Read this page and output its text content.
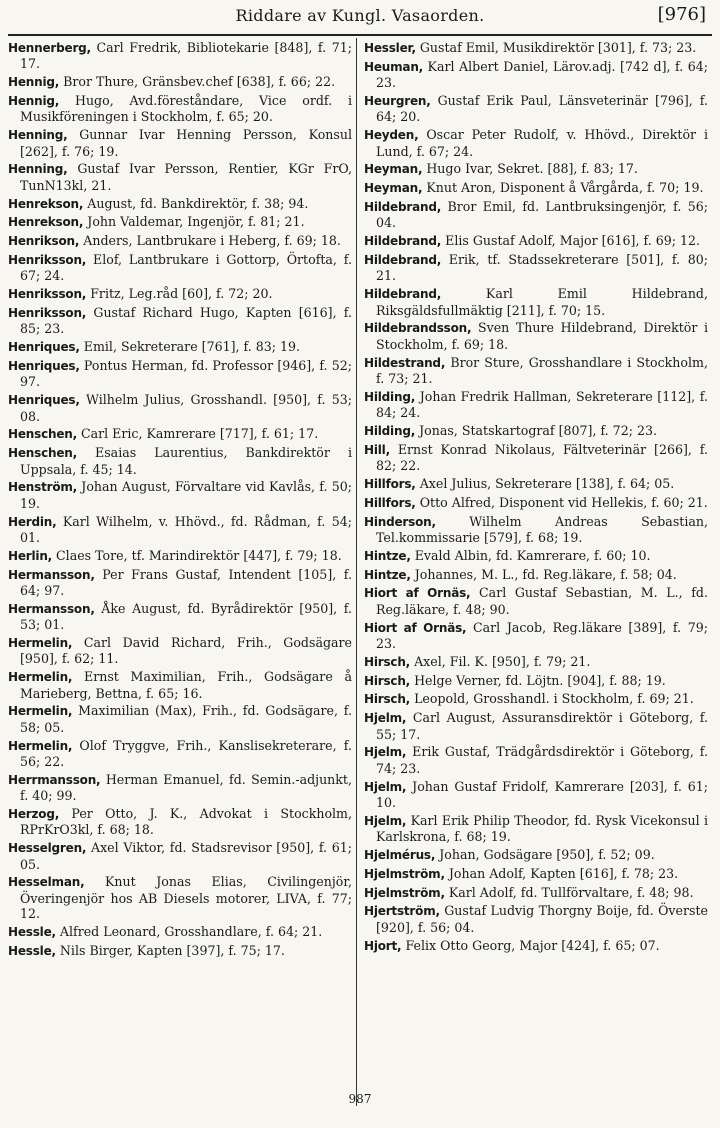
Riddare av Kungl. Vasaorden.	[976]

Hennerberg, Carl Fredrik, Bibliotekarie [848], f. 71; 17.

Hennig, Bror Thure, Gränsbev.chef [638], f. 66; 22.

Hennig, Hugo, Avd.föreståndare, Vice ordf. i Musikföreningen i Stockholm, f. 65; 20.

Henning, Gunnar Ivar Henning Persson, Konsul [262], f. 76; 19.

Henning, Gustaf Ivar Persson, Rentier, KGr FrO, TunN13kl, 21.

Henrekson, August, fd. Bankdirektör, f. 38; 94.

Henrekson, John Valdemar, Ingenjör, f. 81; 21.

Henrikson, Anders, Lantbrukare i Heberg, f. 69; 18.

Henriksson, Elof, Lantbrukare i Gottorp, Örtofta, f. 67; 24.

Henriksson, Fritz, Leg.råd [60], f. 72; 20.

Henriksson, Gustaf Richard Hugo, Kapten [616], f. 85; 23.

Henriques, Emil, Sekreterare [761], f. 83; 19.

Henriques, Pontus Herman, fd. Professor [946], f. 52; 97.

Henriques, Wilhelm Julius, Grosshandl. [950], f. 53; 08.

Henschen, Carl Eric, Kamrerare [717], f. 61; 17.

Henschen, Esaias Laurentius, Bankdirektör i Uppsala, f. 45; 14.

Henström, Johan August, Förvaltare vid Kavlås, f. 50; 19.

Herdin, Karl Wilhelm, v. Hhövd., fd. Rådman, f. 54; 01.

Herlin, Claes Tore, tf. Marindirektör [447], f. 79; 18.

Hermansson, Per Frans Gustaf, Intendent [105], f. 64; 97.

Hermansson, Åke August, fd. Byrådirektör [950], f. 53; 01.

Hermelin, Carl David Richard, Frih., Godsägare [950], f. 62; 11.

Hermelin, Ernst Maximilian, Frih., Godsägare å Marieberg, Bettna, f. 65; 16.

Hermelin, Maximilian (Max), Frih., fd. Godsägare, f. 58; 05.

Hermelin, Olof Tryggve, Frih., Kanslisekreterare, f. 56; 22.

Herrmansson, Herman Emanuel, fd. Semin.-adjunkt, f. 40; 99.

Herzog, Per Otto, J. K., Advokat i Stockholm, RPrKrO3kl, f. 68; 18.

Hesselgren, Axel Viktor, fd. Stadsrevisor [950], f. 61; 05.

Hesselman, Knut Jonas Elias, Civilingenjör, Överingenjör hos AB Diesels motorer, LIVA, f. 77; 12.

Hessle, Alfred Leonard, Grosshandlare, f. 64; 21.

Hessle, Nils Birger, Kapten [397], f. 75; 17.

Hessler, Gustaf Emil, Musikdirektör [301], f. 73; 23.

Heuman, Karl Albert Daniel, Lärov.adj. [742 d], f. 64; 23.

Heurgren, Gustaf Erik Paul, Länsveterinär [796], f. 64; 20.

Heyden, Oscar Peter Rudolf, v. Hhövd., Direktör i Lund, f. 67; 24.

Heyman, Hugo Ivar, Sekret. [88], f. 83; 17.

Heyman, Knut Aron, Disponent å Vårgårda, f. 70; 19.

Hildebrand, Bror Emil, fd. Lantbruksingenjör, f. 56; 04.

Hildebrand, Elis Gustaf Adolf, Major [616], f. 69; 12.

Hildebrand, Erik, tf. Stadssekreterare [501], f. 80; 21.

Hildebrand,	Karl Emil Hildebrand, Riksgäldsfullmäktig [211], f. 70; 15.

Hildebrandsson, Sven Thure Hildebrand, Direktör i Stockholm, f. 69; 18.

Hildestrand, Bror Sture, Grosshandlare i Stockholm, f. 73; 21.

Hilding, Johan Fredrik Hallman, Sekreterare [112], f. 84; 24.

Hilding, Jonas, Statskartograf [807], f. 72; 23.

Hill, Ernst Konrad Nikolaus, Fältveterinär [266], f. 82; 22.

Hillfors, Axel Julius, Sekreterare [138], f. 64; 05.

Hillfors, Otto Alfred, Disponent vid Hellekis, f. 60; 21.

Hinderson,	Wilhelm Andreas Sebastian, Tel.kommissarie [579], f. 68; 19.

Hintze, Evald Albin, fd. Kamrerare, f. 60; 10.

Hintze, Johannes, M. L., fd. Reg.läkare, f. 58; 04.

Hiort af Ornäs, Carl Gustaf Sebastian, M. L., fd. Reg.läkare, f. 48; 90.

Hiort af Ornäs, Carl Jacob, Reg.läkare [389], f. 79; 23.

Hirsch, Axel, Fil. K. [950], f. 79; 21.

Hirsch, Helge Verner, fd. Löjtn. [904], f. 88; 19.

Hirsch, Leopold, Grosshandl. i Stockholm, f. 69; 21.

Hjelm, Carl August, Assuransdirektör i Göteborg, f. 55; 17.

Hjelm, Erik Gustaf, Trädgårdsdirektör i Göteborg, f. 74; 23.

Hjelm, Johan Gustaf Fridolf, Kamrerare [203], f. 61; 10.

Hjelm, Karl Erik Philip Theodor, fd. Rysk Vicekonsul i Karlskrona, f. 68; 19.

Hjelmérus, Johan, Godsägare [950], f. 52; 09.

Hjelmström, Johan Adolf, Kapten [616], f. 78; 23.

Hjelmström, Karl Adolf, fd. Tullförvaltare, f. 48; 98.

Hjertström, Gustaf Ludvig Thorgny Boije, fd. Överste [920], f. 56; 04.

Hjort, Felix Otto Georg, Major [424], f. 65; 07.

987
